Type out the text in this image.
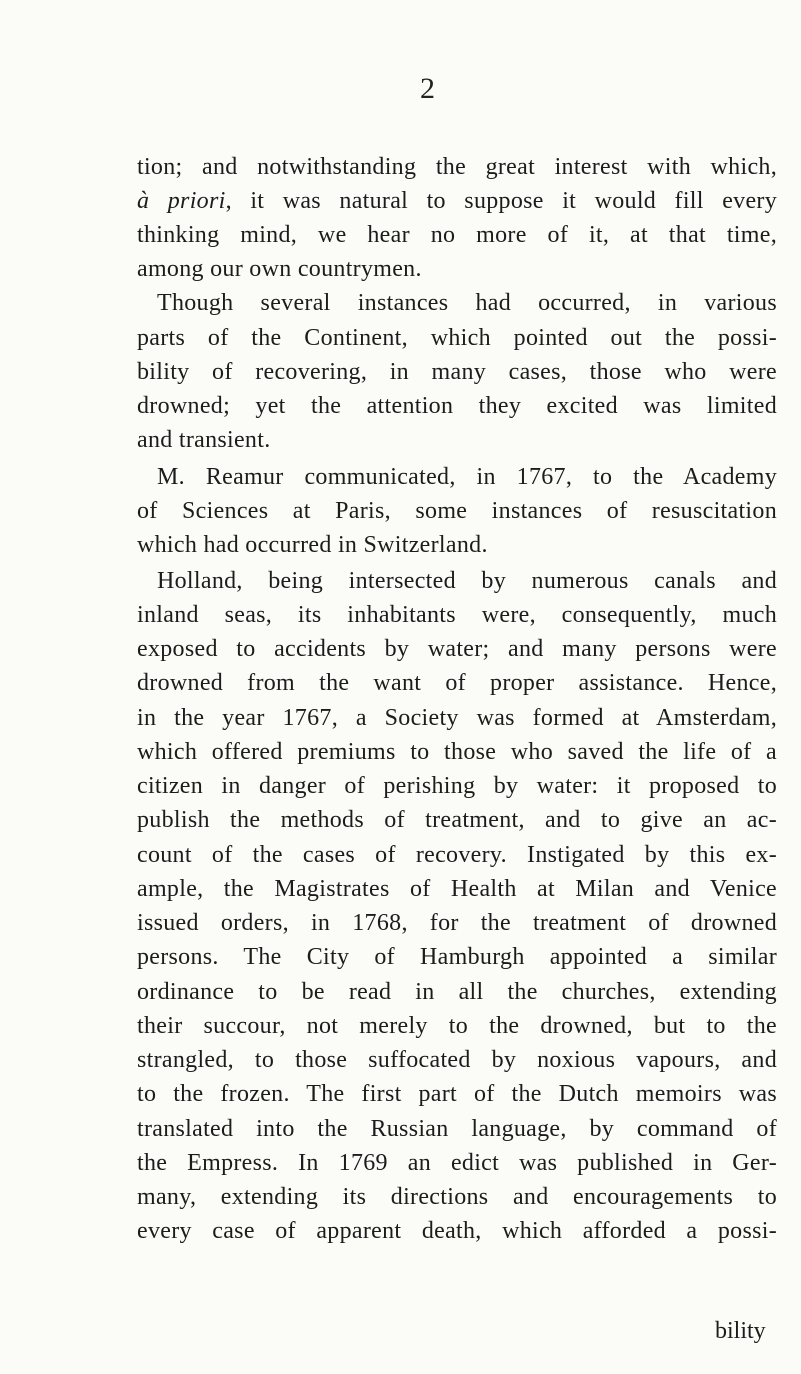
2
tion; and notwithstanding the great interest with which,
à priori, it was natural to suppose it would fill every
thinking mind, we hear no more of it, at that time,
among our own countrymen.
Though several instances had occurred, in various
parts of the Continent, which pointed out the possi-
bility of recovering, in many cases, those who were
drowned; yet the attention they excited was limited
and transient.
M. Reamur communicated, in 1767, to the Academy
of Sciences at Paris, some instances of resuscitation
which had occurred in Switzerland.
Holland, being intersected by numerous canals and
inland seas, its inhabitants were, consequently, much
exposed to accidents by water; and many persons were
drowned from the want of proper assistance. Hence,
in the year 1767, a Society was formed at Amsterdam,
which offered premiums to those who saved the life of a
citizen in danger of perishing by water: it proposed to
publish the methods of treatment, and to give an ac-
count of the cases of recovery. Instigated by this ex-
ample, the Magistrates of Health at Milan and Venice
issued orders, in 1768, for the treatment of drowned
persons. The City of Hamburgh appointed a similar
ordinance to be read in all the churches, extending
their succour, not merely to the drowned, but to the
strangled, to those suffocated by noxious vapours, and
to the frozen. The first part of the Dutch memoirs was
translated into the Russian language, by command of
the Empress. In 1769 an edict was published in Ger-
many, extending its directions and encouragements to
every case of apparent death, which afforded a possi-
bility
